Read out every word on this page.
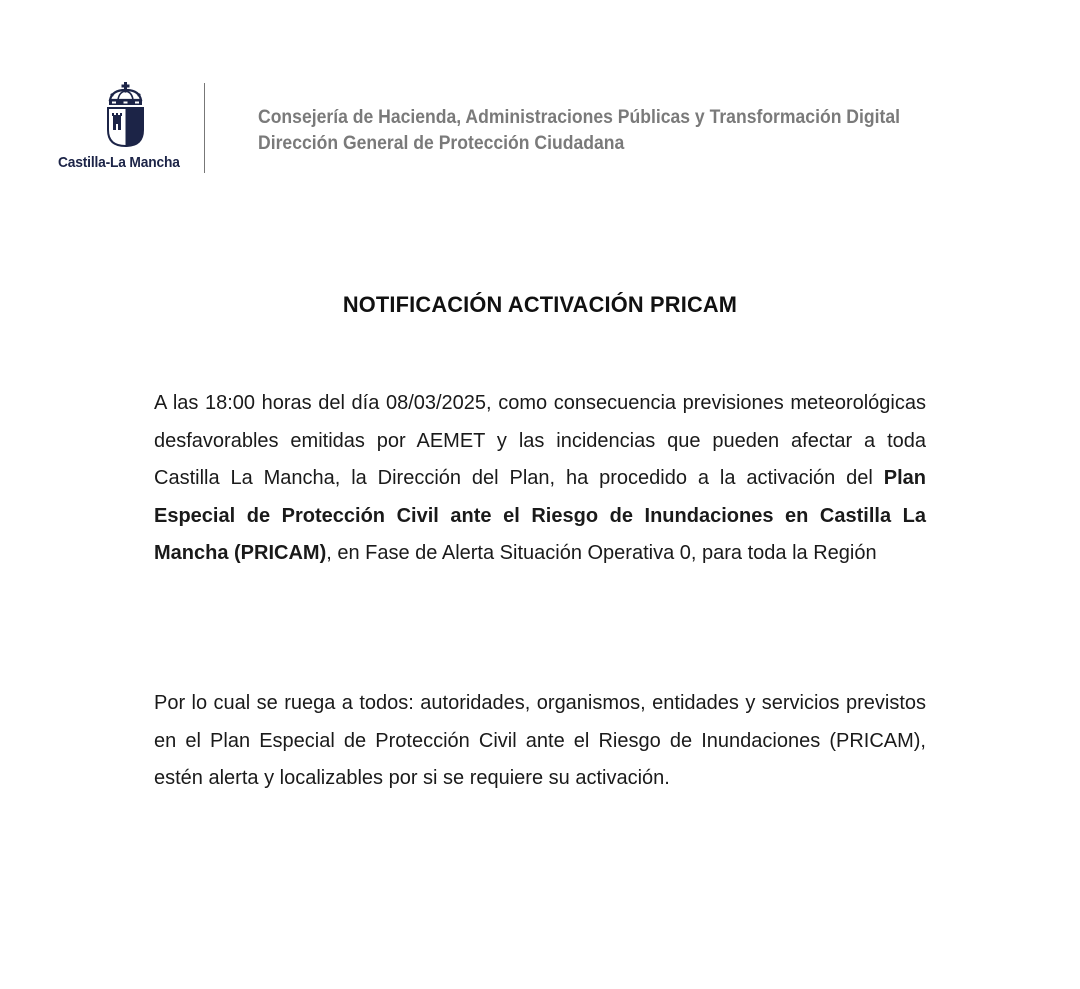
Castilla-La Mancha
Consejería de Hacienda, Administraciones Públicas y Transformación Digital
Dirección General de Protección Ciudadana
NOTIFICACIÓN ACTIVACIÓN PRICAM
A las 18:00 horas del día 08/03/2025, como consecuencia previsiones meteorológicas desfavorables emitidas por AEMET y las incidencias que pueden afectar a toda Castilla La Mancha, la Dirección del Plan, ha procedido a la activación del Plan Especial de Protección Civil ante el Riesgo de Inundaciones en Castilla La Mancha (PRICAM), en Fase de Alerta Situación Operativa 0, para toda la Región
Por lo cual se ruega a todos: autoridades, organismos, entidades y servicios previstos en el Plan Especial de Protección Civil ante el Riesgo de Inundaciones (PRICAM), estén alerta y localizables por si se requiere su activación.
